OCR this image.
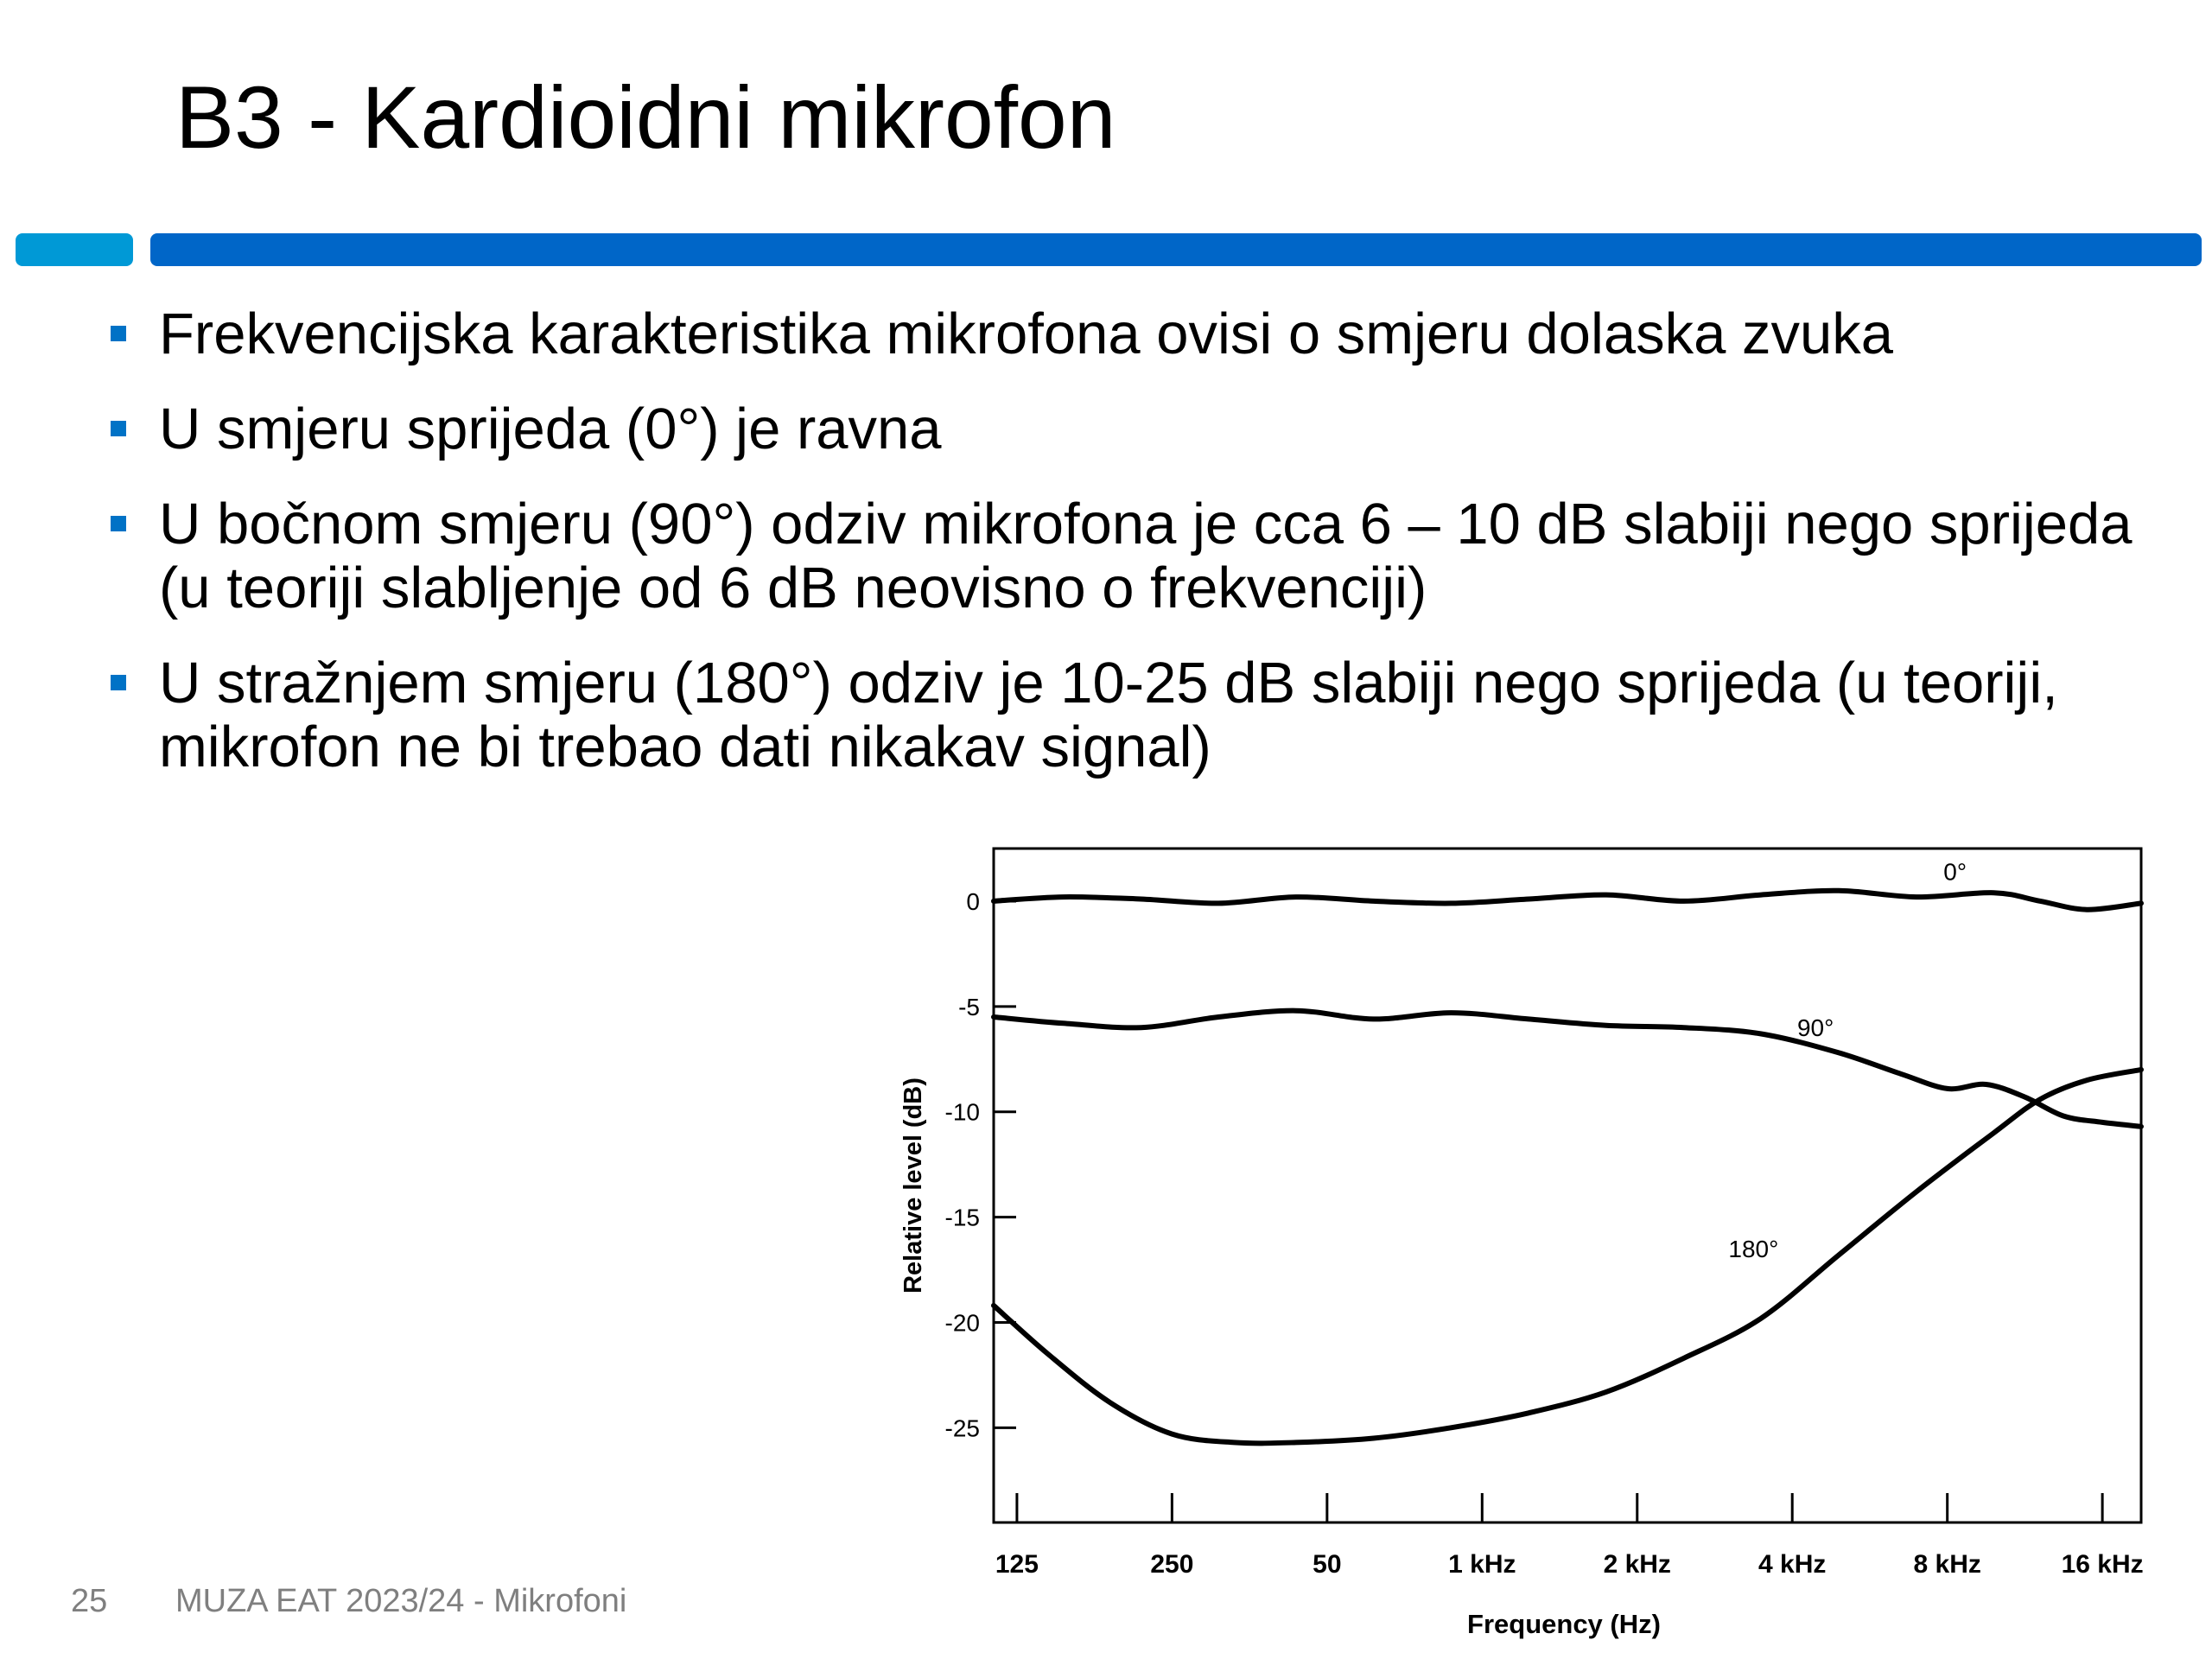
B3 - Kardioidni mikrofon
Frekvencijska karakteristika mikrofona ovisi o smjeru dolaska zvuka
U smjeru sprijeda (0°) je ravna
U bočnom smjeru (90°) odziv mikrofona je cca 6 – 10 dB slabiji nego sprijeda (u teoriji slabljenje od 6 dB neovisno o frekvenciji)
U stražnjem smjeru (180°) odziv je 10-25 dB slabiji nego sprijeda (u teoriji, mikrofon ne bi trebao dati nikakav signal)
0
-5
-10
-15
-20
-25
125	250	50	1 kHz	2 kHz	4 kHz	8 kHz	16 kHz
0°
90°
180°
Frequency (Hz)
Relative level (dB)
25 MUZA EAT 2023/24 - Mikrofoni
